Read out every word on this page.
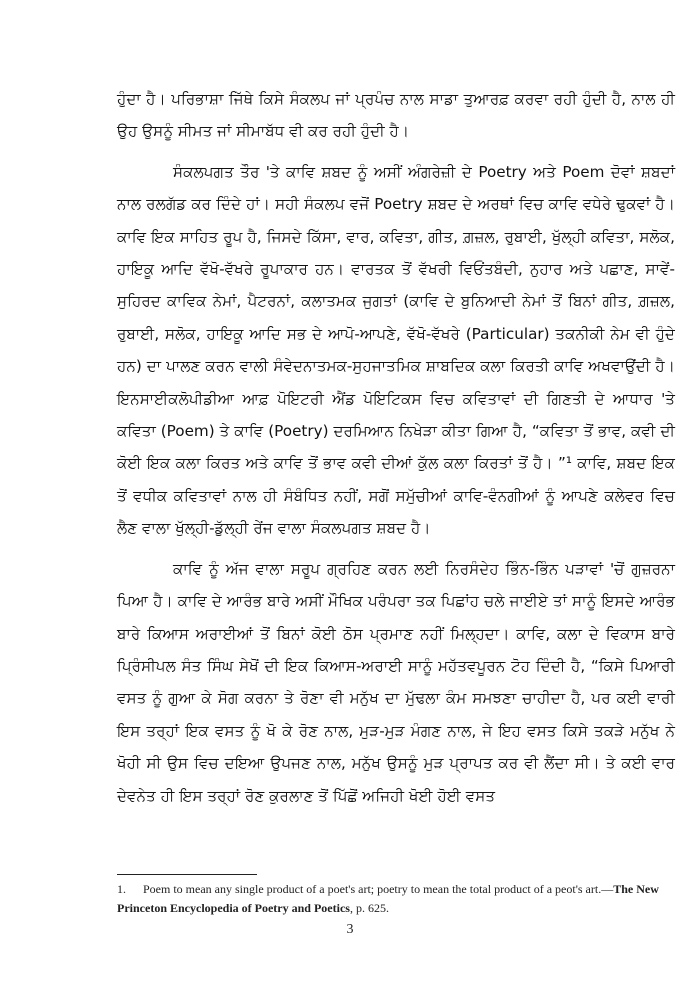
ਹੁੰਦਾ ਹੈ। ਪਰਿਭਾਸ਼ਾ ਜਿੱਥੇ ਕਿਸੇ ਸੰਕਲਪ ਜਾਂ ਪ੍ਰਪੰਚ ਨਾਲ ਸਾਡਾ ਤੁਆਰਫ਼ ਕਰਵਾ ਰਹੀ ਹੁੰਦੀ ਹੈ, ਨਾਲ ਹੀ ਉਹ ਉਸਨੂੰ ਸੀਮਤ ਜਾਂ ਸੀਮਾਬੱਧ ਵੀ ਕਰ ਰਹੀ ਹੁੰਦੀ ਹੈ।

ਸੰਕਲਪਗਤ ਤੌਰ 'ਤੇ ਕਾਵਿ ਸ਼ਬਦ ਨੂੰ ਅਸੀਂ ਅੰਗਰੇਜ਼ੀ ਦੇ Poetry ਅਤੇ Poem ਦੋਵਾਂ ਸ਼ਬਦਾਂ ਨਾਲ ਰਲਗੱਡ ਕਰ ਦਿੰਦੇ ਹਾਂ। ਸਹੀ ਸੰਕਲਪ ਵਜੋਂ Poetry ਸ਼ਬਦ ਦੇ ਅਰਥਾਂ ਵਿਚ ਕਾਵਿ ਵਧੇਰੇ ਢੁਕਵਾਂ ਹੈ। ਕਾਵਿ ਇਕ ਸਾਹਿਤ ਰੂਪ ਹੈ, ਜਿਸਦੇ ਕਿੱਸਾ, ਵਾਰ, ਕਵਿਤਾ, ਗੀਤ, ਗ਼ਜ਼ਲ, ਰੁਬਾਈ, ਖੁੱਲ੍ਹੀ ਕਵਿਤਾ, ਸਲੋਕ, ਹਾਇਕੂ ਆਦਿ ਵੱਖੋ-ਵੱਖਰੇ ਰੂਪਾਕਾਰ ਹਨ। ਵਾਰਤਕ ਤੋਂ ਵੱਖਰੀ ਵਿਓਂਤਬੰਦੀ, ਨੁਹਾਰ ਅਤੇ ਪਛਾਣ, ਸਾਵੇਂ-ਸੁਹਿਰਦ ਕਾਵਿਕ ਨੇਮਾਂ, ਪੈਟਰਨਾਂ, ਕਲਾਤਮਕ ਜੁਗਤਾਂ (ਕਾਵਿ ਦੇ ਬੁਨਿਆਦੀ ਨੇਮਾਂ ਤੋਂ ਬਿਨਾਂ ਗੀਤ, ਗ਼ਜ਼ਲ, ਰੁਬਾਈ, ਸਲੋਕ, ਹਾਇਕੂ ਆਦਿ ਸਭ ਦੇ ਆਪੋ-ਆਪਣੇ, ਵੱਖੋ-ਵੱਖਰੇ (Particular) ਤਕਨੀਕੀ ਨੇਮ ਵੀ ਹੁੰਦੇ ਹਨ) ਦਾ ਪਾਲਣ ਕਰਨ ਵਾਲੀ ਸੰਵੇਦਨਾਤਮਕ-ਸੁਹਜਾਤਮਿਕ ਸ਼ਾਬਦਿਕ ਕਲਾ ਕਿਰਤੀ ਕਾਵਿ ਅਖਵਾਉਂਦੀ ਹੈ। ਇਨਸਾਈਕਲੋਪੀਡੀਆ ਆਫ਼ ਪੋਇਟਰੀ ਐਂਡ ਪੋਇਟਿਕਸ ਵਿਚ ਕਵਿਤਾਵਾਂ ਦੀ ਗਿਣਤੀ ਦੇ ਆਧਾਰ 'ਤੇ ਕਵਿਤਾ (Poem) ਤੇ ਕਾਵਿ (Poetry) ਦਰਮਿਆਨ ਨਿਖੇੜਾ ਕੀਤਾ ਗਿਆ ਹੈ, “ਕਵਿਤਾ ਤੋਂ ਭਾਵ, ਕਵੀ ਦੀ ਕੋਈ ਇਕ ਕਲਾ ਕਿਰਤ ਅਤੇ ਕਾਵਿ ਤੋਂ ਭਾਵ ਕਵੀ ਦੀਆਂ ਕੁੱਲ ਕਲਾ ਕਿਰਤਾਂ ਤੋਂ ਹੈ। ”¹ ਕਾਵਿ, ਸ਼ਬਦ ਇਕ ਤੋਂ ਵਧੀਕ ਕਵਿਤਾਵਾਂ ਨਾਲ ਹੀ ਸੰਬੰਧਿਤ ਨਹੀਂ, ਸਗੋਂ ਸਮੁੱਚੀਆਂ ਕਾਵਿ-ਵੰਨਗੀਆਂ ਨੂੰ ਆਪਣੇ ਕਲੇਵਰ ਵਿਚ ਲੈਣ ਵਾਲਾ ਖੁੱਲ੍ਹੀ-ਡੁੱਲ੍ਹੀ ਰੇਂਜ ਵਾਲਾ ਸੰਕਲਪਗਤ ਸ਼ਬਦ ਹੈ।

ਕਾਵਿ ਨੂੰ ਅੱਜ ਵਾਲਾ ਸਰੂਪ ਗ੍ਰਹਿਣ ਕਰਨ ਲਈ ਨਿਰਸੰਦੇਹ ਭਿੰਨ-ਭਿੰਨ ਪੜਾਵਾਂ 'ਚੋਂ ਗੁਜ਼ਰਨਾ ਪਿਆ ਹੈ। ਕਾਵਿ ਦੇ ਆਰੰਭ ਬਾਰੇ ਅਸੀਂ ਮੌਖਿਕ ਪਰੰਪਰਾ ਤਕ ਪਿਛਾਂਹ ਚਲੇ ਜਾਈਏ ਤਾਂ ਸਾਨੂੰ ਇਸਦੇ ਆਰੰਭ ਬਾਰੇ ਕਿਆਸ ਅਰਾਈਆਂ ਤੋਂ ਬਿਨਾਂ ਕੋਈ ਠੋਸ ਪ੍ਰਮਾਣ ਨਹੀਂ ਮਿਲ੍ਹਦਾ। ਕਾਵਿ, ਕਲਾ ਦੇ ਵਿਕਾਸ ਬਾਰੇ ਪ੍ਰਿੰਸੀਪਲ ਸੰਤ ਸਿੰਘ ਸੇਖੋਂ ਦੀ ਇਕ ਕਿਆਸ-ਅਰਾਈ ਸਾਨੂੰ ਮਹੱਤਵਪੂਰਨ ਟੋਹ ਦਿੰਦੀ ਹੈ, “ਕਿਸੇ ਪਿਆਰੀ ਵਸਤ ਨੂੰ ਗੁਆ ਕੇ ਸੋਗ ਕਰਨਾ ਤੇ ਰੋਣਾ ਵੀ ਮਨੁੱਖ ਦਾ ਮੁੱਢਲਾ ਕੰਮ ਸਮਝਣਾ ਚਾਹੀਦਾ ਹੈ, ਪਰ ਕਈ ਵਾਰੀ ਇਸ ਤਰ੍ਹਾਂ ਇਕ ਵਸਤ ਨੂੰ ਖੋ ਕੇ ਰੋਣ ਨਾਲ, ਮੁੜ-ਮੁੜ ਮੰਗਣ ਨਾਲ, ਜੇ ਇਹ ਵਸਤ ਕਿਸੇ ਤਕੜੇ ਮਨੁੱਖ ਨੇ ਖੋਹੀ ਸੀ ਉਸ ਵਿਚ ਦਇਆ ਉਪਜਣ ਨਾਲ, ਮਨੁੱਖ ਉਸਨੂੰ ਮੁੜ ਪ੍ਰਾਪਤ ਕਰ ਵੀ ਲੈਂਦਾ ਸੀ। ਤੇ ਕਈ ਵਾਰ ਦੇਵਨੇਤ ਹੀ ਇਸ ਤਰ੍ਹਾਂ ਰੋਣ ਕੁਰਲਾਣ ਤੋਂ ਪਿੱਛੋਂ ਅਜਿਹੀ ਖੋਈ ਹੋਈ ਵਸਤ

1. Poem to mean any single product of a poet's art; poetry to mean the total product of a peot's art.—The New Princeton Encyclopedia of Poetry and Poetics, p. 625.
3
